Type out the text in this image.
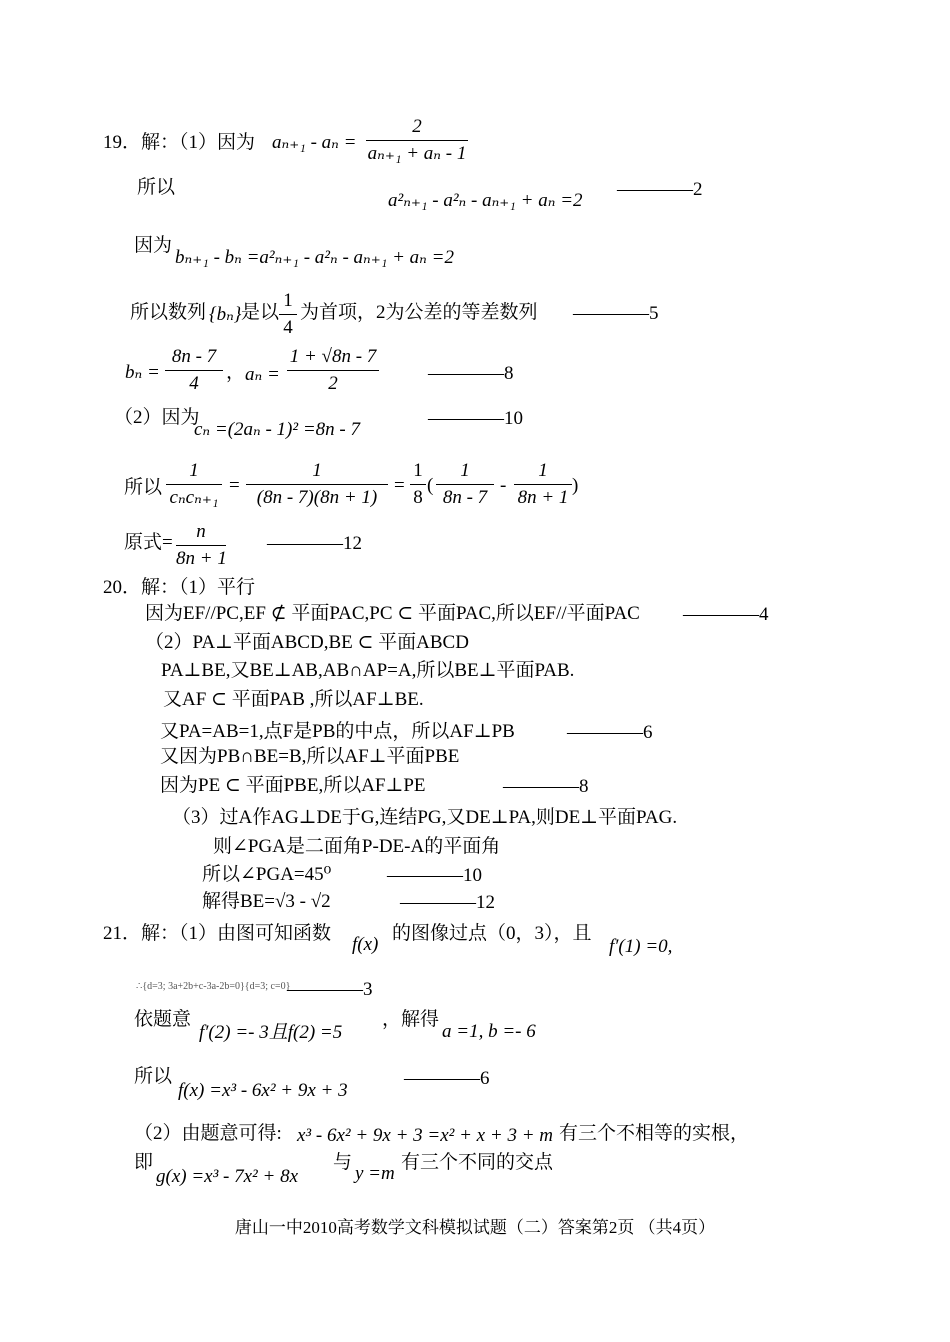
19．解：（1）因为 aₙ₊₁ - aₙ =
2
aₙ₊₁ + aₙ - 1
所以
a²ₙ₊₁ - a²ₙ - aₙ₊₁ + aₙ =2
————2
因为
bₙ₊₁ - bₙ =a²ₙ₊₁ - a²ₙ - aₙ₊₁ + aₙ =2
所以数列 {bₙ} 是以
1
4
为首项，2为公差的等差数列 ————5
bₙ =
8n - 7
4
， aₙ =
1 + √8n - 7
2	————8
（2）因为
cₙ =(2aₙ - 1)² =8n - 7
————10
所以
1
cₙcₙ₊₁
=
1
(8n - 7)(8n + 1)
=
1
8
(
1
8n - 7
-
1
8n + 1
)
原式=
n
8n + 1
————12
20．解：（1）平行
因为EF//PC,EF ⊄ 平面PAC,PC ⊂ 平面PAC,所以EF//平面PAC ————4
（2）PA⊥平面ABCD,BE ⊂ 平面ABCD
PA⊥BE,又BE⊥AB,AB∩AP=A,所以BE⊥平面PAB.
又AF ⊂ 平面PAB ,所以AF⊥BE.
又PA=AB=1,点F是PB的中点，所以AF⊥PB	————6
又因为PB∩BE=B,所以AF⊥平面PBE
因为PE ⊂ 平面PBE,所以AF⊥PE	————8
（3）过A作AG⊥DE于G,连结PG,又DE⊥PA,则DE⊥平面PAG.
则∠PGA是二面角P-DE-A的平面角
所以∠PGA=45⁰	————10
解得BE=√3 - √2	————12
21．解：（1）由图可知函数
f(x)
的图像过点（0，3），且
f′(1) =0,
∴{d=3; 3a+2b+c-3a-2b=0}{d=3; c=0}
————3
依题意
f′(2) =- 3且f(2) =5
，解得
a =1, b =- 6
所以
f(x) =x³ - 6x² + 9x + 3
————6
（2）由题意可得: x³ - 6x² + 9x + 3 =x² + x + 3 + m 有三个不相等的实根，
即
g(x) =x³ - 7x² + 8x
与
y =m
有三个不同的交点
唐山一中2010高考数学文科模拟试题（二）答案第2页 （共4页）
